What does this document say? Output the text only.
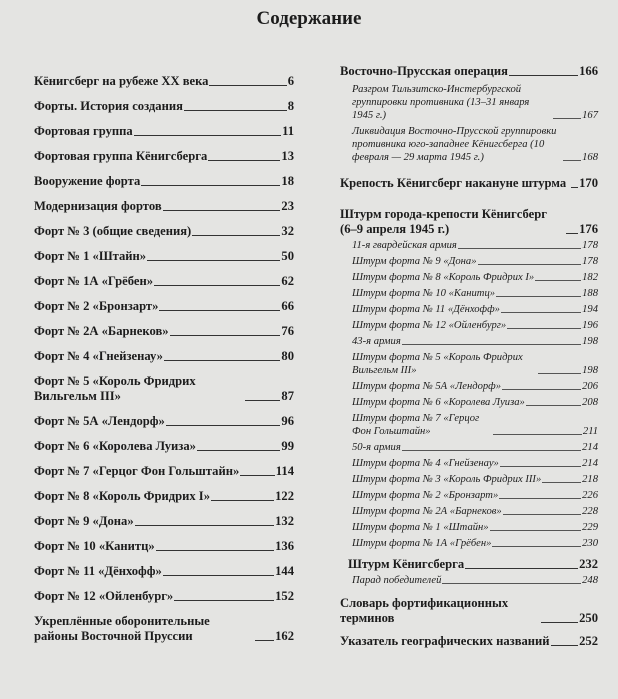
Содержание
Кёнигсберг на рубеже XX века	6
Форты. История создания	8
Фортовая группа	11
Фортовая группа Кёнигсберга	13
Вооружение форта	18
Модернизация фортов	23
Форт № 3 (общие сведения)	32
Форт № 1 «Штайн»	50
Форт № 1А «Грёбен»	62
Форт № 2 «Бронзарт»	66
Форт № 2А «Барнеков»	76
Форт № 4 «Гнейзенау»	80
Форт № 5 «Король Фридрих Вильгельм III»	87
Форт № 5А «Лендорф»	96
Форт № 6 «Королева Луиза»	99
Форт № 7 «Герцог Фон Гольштайн»	114
Форт № 8 «Король Фридрих I»	122
Форт № 9 «Дона»	132
Форт № 10 «Канитц»	136
Форт № 11 «Дёнхофф»	144
Форт № 12 «Ойленбург»	152
Укреплённые оборонительные районы Восточной Пруссии	162
Восточно-Прусская операция	166
Разгром Тильзитско-Инстербургской группировки противника (13–31 января 1945 г.)	167
Ликвидация Восточно-Прусской группировки противника юго-западнее Кёнигсберга (10 февраля — 29 марта 1945 г.)	168
Крепость Кёнигсберг накануне штурма	170
Штурм города-крепости Кёнигсберг (6–9 апреля 1945 г.)	176
11-я гвардейская армия	178
Штурм форта № 9 «Дона»	178
Штурм форта № 8 «Король Фридрих I»	182
Штурм форта № 10 «Канитц»	188
Штурм форта № 11 «Дёнхофф»	194
Штурм форта № 12 «Ойленбург»	196
43-я армия	198
Штурм форта № 5 «Король Фридрих Вильгельм III»	198
Штурм форта № 5А «Лендорф»	206
Штурм форта № 6 «Королева Луиза»	208
Штурм форта № 7 «Герцог Фон Гольштайн»	211
50-я армия	214
Штурм форта № 4 «Гнейзенау»	214
Штурм форта № 3 «Король Фридрих III»	218
Штурм форта № 2 «Бронзарт»	226
Штурм форта № 2А «Барнеков»	228
Штурм форта № 1 «Штайн»	229
Штурм форта № 1А «Грёбен»	230
Штурм Кёнигсберга	232
Парад победителей	248
Словарь фортификационных терминов	250
Указатель географических названий 252
